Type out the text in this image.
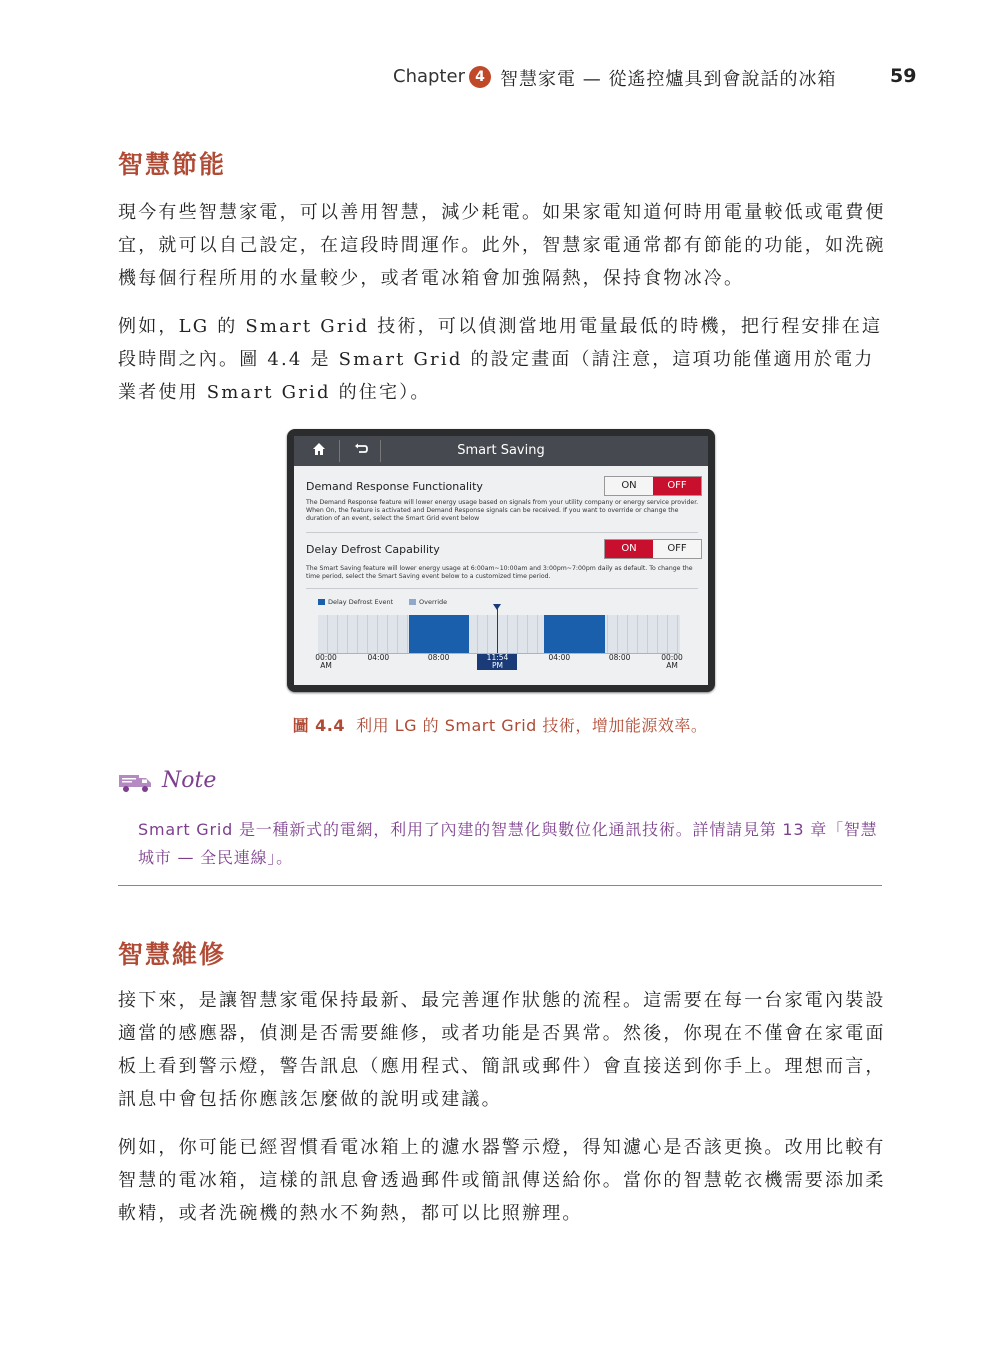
Chapter 4 智慧家電 — 從遙控爐具到會說話的冰箱	59
智慧節能
現今有些智慧家電，可以善用智慧，減少耗電。如果家電知道何時用電量較低或電費便宜，就可以自己設定，在這段時間運作。此外，智慧家電通常都有節能的功能，如洗碗機每個行程所用的水量較少，或者電冰箱會加強隔熱，保持食物冰冷。
例如，LG 的 Smart Grid 技術，可以偵測當地用電量最低的時機，把行程安排在這段時間之內。圖 4.4 是 Smart Grid 的設定畫面（請注意，這項功能僅適用於電力業者使用 Smart Grid 的住宅）。
Smart Saving
Demand Response Functionality	ON	OFF
The Demand Response feature will lower energy usage based on signals from your utility company or energy service provider. When On, the feature is activated and Demand Response signals can be received. If you want to override or change the duration of an event, select the Smart Grid event below
Delay Defrost Capability	ON	OFF
The Smart Saving feature will lower energy usage at 6:00am~10:00am and 3:00pm~7:00pm daily as default. To change the time period, select the Smart Saving event below to a customized time period.
Delay Defrost Event	Override
00:00
AM
04:00	08:00	11:54
PM
04:00	08:00	00:00
AM
圖 4.4 利用 LG 的 Smart Grid 技術，增加能源效率。
Note
Smart Grid 是一種新式的電網，利用了內建的智慧化與數位化通訊技術。詳情請見第 13 章「智慧城市 — 全民連線」。
智慧維修
接下來，是讓智慧家電保持最新、最完善運作狀態的流程。這需要在每一台家電內裝設適當的感應器，偵測是否需要維修，或者功能是否異常。然後，你現在不僅會在家電面板上看到警示燈，警告訊息（應用程式、簡訊或郵件）會直接送到你手上。理想而言，訊息中會包括你應該怎麼做的說明或建議。
例如，你可能已經習慣看電冰箱上的濾水器警示燈，得知濾心是否該更換。改用比較有智慧的電冰箱，這樣的訊息會透過郵件或簡訊傳送給你。當你的智慧乾衣機需要添加柔軟精，或者洗碗機的熱水不夠熱，都可以比照辦理。
